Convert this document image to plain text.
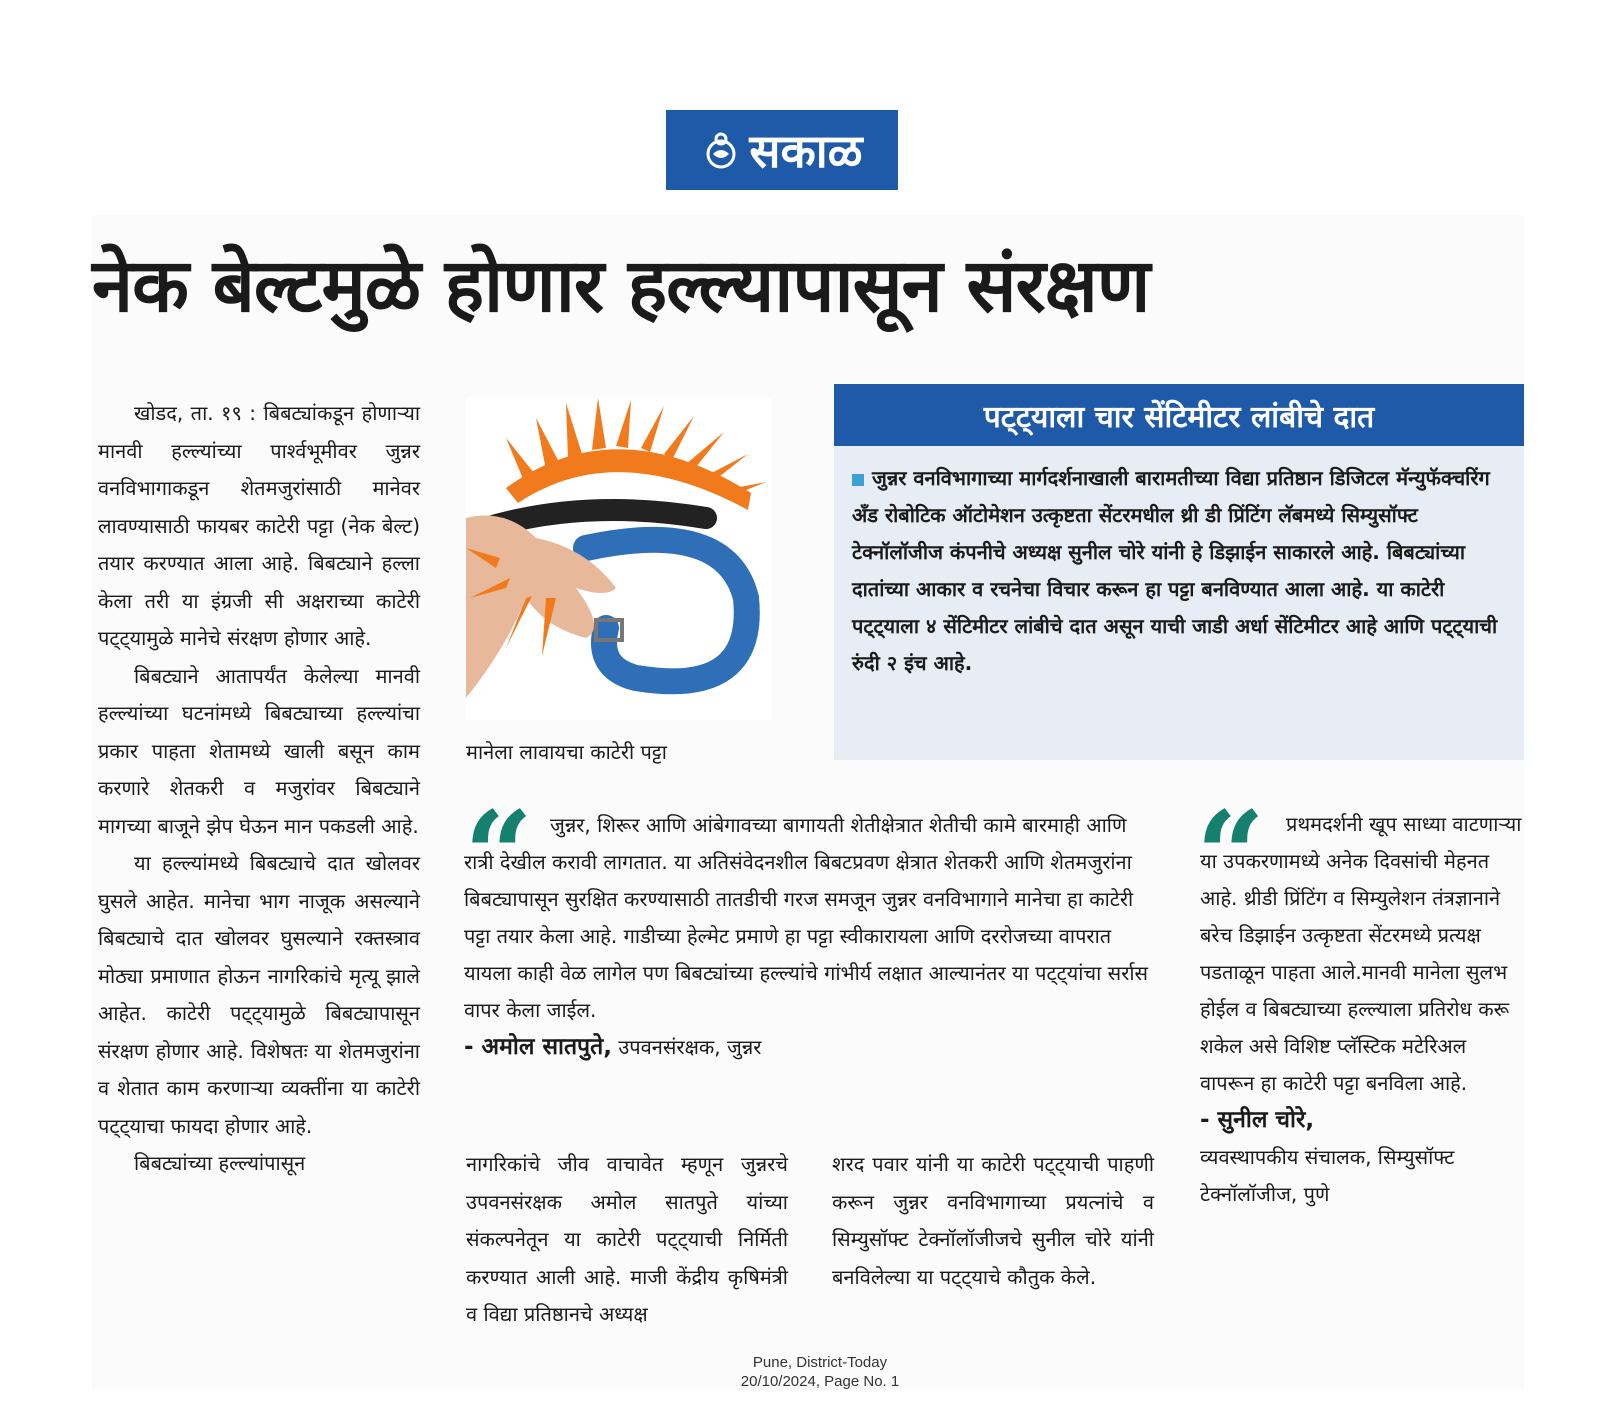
सकाळ
नेक बेल्टमुळे होणार हल्ल्यापासून संरक्षण

खोडद, ता. १९ : बिबट्यांकडून होणाऱ्या मानवी हल्ल्यांच्या पार्श्वभूमीवर जुन्नर वनविभागाकडून शेतमजुरांसाठी मानेवर लावण्यासाठी फायबर काटेरी पट्टा (नेक बेल्ट) तयार करण्यात आला आहे. बिबट्याने हल्ला केला तरी या इंग्रजी सी अक्षराच्या काटेरी पट्ट्यामुळे मानेचे संरक्षण होणार आहे.

बिबट्याने आतापर्यंत केलेल्या मानवी हल्ल्यांच्या घटनांमध्ये बिबट्याच्या हल्ल्यांचा प्रकार पाहता शेतामध्ये खाली बसून काम करणारे शेतकरी व मजुरांवर बिबट्याने मागच्या बाजूने झेप घेऊन मान पकडली आहे.

या हल्ल्यांमध्ये बिबट्याचे दात खोलवर घुसले आहेत. मानेचा भाग नाजूक असल्याने बिबट्याचे दात खोलवर घुसल्याने रक्तस्त्राव मोठ्या प्रमाणात होऊन नागरिकांचे मृत्यू झाले आहेत. काटेरी पट्ट्यामुळे बिबट्यापासून संरक्षण होणार आहे. विशेषतः या शेतमजुरांना व शेतात काम करणाऱ्या व्यक्तींना या काटेरी पट्ट्याचा फायदा होणार आहे.

बिबट्यांच्या हल्ल्यांपासून

मानेला लावायचा काटेरी पट्टा
पट्ट्याला चार सेंटिमीटर लांबीचे दात
जुन्नर वनविभागाच्या मार्गदर्शनाखाली बारामतीच्या विद्या प्रतिष्ठान डिजिटल मॅन्युफॅक्चरिंग अँड रोबोटिक ऑटोमेशन उत्कृष्टता सेंटरमधील थ्री डी प्रिंटिंग लॅबमध्ये सिम्युसॉफ्ट टेक्नॉलॉजीज कंपनीचे अध्यक्ष सुनील चोरे यांनी हे डिझाईन साकारले आहे. बिबट्यांच्या दातांच्या आकार व रचनेचा विचार करून हा पट्टा बनविण्यात आला आहे. या काटेरी पट्ट्याला ४ सेंटिमीटर लांबीचे दात असून याची जाडी अर्धा सेंटिमीटर आहे आणि पट्ट्याची रुंदी २ इंच आहे.
“ जुन्नर, शिरूर आणि आंबेगावच्या बागायती शेतीक्षेत्रात शेतीची कामे बारमाही आणि रात्री देखील करावी लागतात. या अतिसंवेदनशील बिबटप्रवण क्षेत्रात शेतकरी आणि शेतमजुरांना बिबट्यापासून सुरक्षित करण्यासाठी तातडीची गरज समजून जुन्नर वनविभागाने मानेचा हा काटेरी पट्टा तयार केला आहे. गाडीच्या हेल्मेट प्रमाणे हा पट्टा स्वीकारायला आणि दररोजच्या वापरात यायला काही वेळ लागेल पण बिबट्यांच्या हल्ल्यांचे गांभीर्य लक्षात आल्यानंतर या पट्ट्यांचा सर्रास वापर केला जाईल.
- अमोल सातपुते, उपवनसंरक्षक, जुन्नर

नागरिकांचे जीव वाचावेत म्हणून जुन्नरचे उपवनसंरक्षक अमोल सातपुते यांच्या संकल्पनेतून या काटेरी पट्ट्याची निर्मिती करण्यात आली आहे. माजी केंद्रीय कृषिमंत्री व विद्या प्रतिष्ठानचे अध्यक्ष

शरद पवार यांनी या काटेरी पट्ट्याची पाहणी करून जुन्नर वनविभागाच्या प्रयत्नांचे व सिम्युसॉफ्ट टेक्नॉलॉजीजचे सुनील चोरे यांनी बनविलेल्या या पट्ट्याचे कौतुक केले.

“	प्रथमदर्शनी खूप साध्या वाटणाऱ्या या उपकरणामध्ये अनेक दिवसांची मेहनत आहे. थ्रीडी प्रिंटिंग व सिम्युलेशन तंत्रज्ञानाने बरेच डिझाईन उत्कृष्टता सेंटरमध्ये प्रत्यक्ष पडताळून पाहता आले.मानवी मानेला सुलभ होईल व बिबट्याच्या हल्ल्याला प्रतिरोध करू शकेल असे विशिष्ट प्लॅस्टिक मटेरिअल वापरून हा काटेरी पट्टा बनविला आहे.
- सुनील चोरे,
व्यवस्थापकीय संचालक, सिम्युसॉफ्ट टेक्नॉलॉजीज, पुणे
Pune, District-Today
20/10/2024, Page No. 1
